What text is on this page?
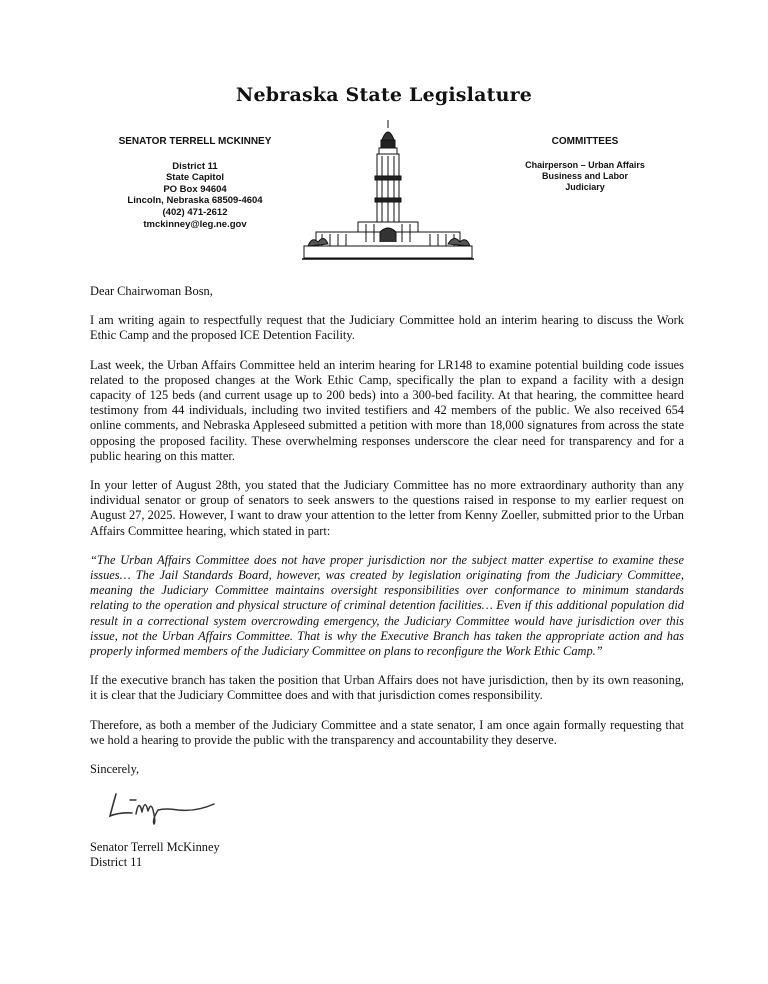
Nebraska State Legislature
SENATOR TERRELL MCKINNEY
District 11
State Capitol
PO Box 94604
Lincoln, Nebraska 68509-4604
(402) 471-2612
tmckinney@leg.ne.gov
COMMITTEES
Chairperson – Urban Affairs
Business and Labor
Judiciary

Dear Chairwoman Bosn,

I am writing again to respectfully request that the Judiciary Committee hold an interim hearing to discuss the Work Ethic Camp and the proposed ICE Detention Facility.

Last week, the Urban Affairs Committee held an interim hearing for LR148 to examine potential building code issues related to the proposed changes at the Work Ethic Camp, specifically the plan to expand a facility with a design capacity of 125 beds (and current usage up to 200 beds) into a 300-bed facility. At that hearing, the committee heard testimony from 44 individuals, including two invited testifiers and 42 members of the public. We also received 654 online comments, and Nebraska Appleseed submitted a petition with more than 18,000 signatures from across the state opposing the proposed facility. These overwhelming responses underscore the clear need for transparency and for a public hearing on this matter.

In your letter of August 28th, you stated that the Judiciary Committee has no more extraordinary authority than any individual senator or group of senators to seek answers to the questions raised in response to my earlier request on August 27, 2025. However, I want to draw your attention to the letter from Kenny Zoeller, submitted prior to the Urban Affairs Committee hearing, which stated in part:

“The Urban Affairs Committee does not have proper jurisdiction nor the subject matter expertise to examine these issues… The Jail Standards Board, however, was created by legislation originating from the Judiciary Committee, meaning the Judiciary Committee maintains oversight responsibilities over conformance to minimum standards relating to the operation and physical structure of criminal detention facilities… Even if this additional population did result in a correctional system overcrowding emergency, the Judiciary Committee would have jurisdiction over this issue, not the Urban Affairs Committee. That is why the Executive Branch has taken the appropriate action and has properly informed members of the Judiciary Committee on plans to reconfigure the Work Ethic Camp.”

If the executive branch has taken the position that Urban Affairs does not have jurisdiction, then by its own reasoning, it is clear that the Judiciary Committee does and with that jurisdiction comes responsibility.

Therefore, as both a member of the Judiciary Committee and a state senator, I am once again formally requesting that we hold a hearing to provide the public with the transparency and accountability they deserve.

Sincerely,

Senator Terrell McKinney
District 11
